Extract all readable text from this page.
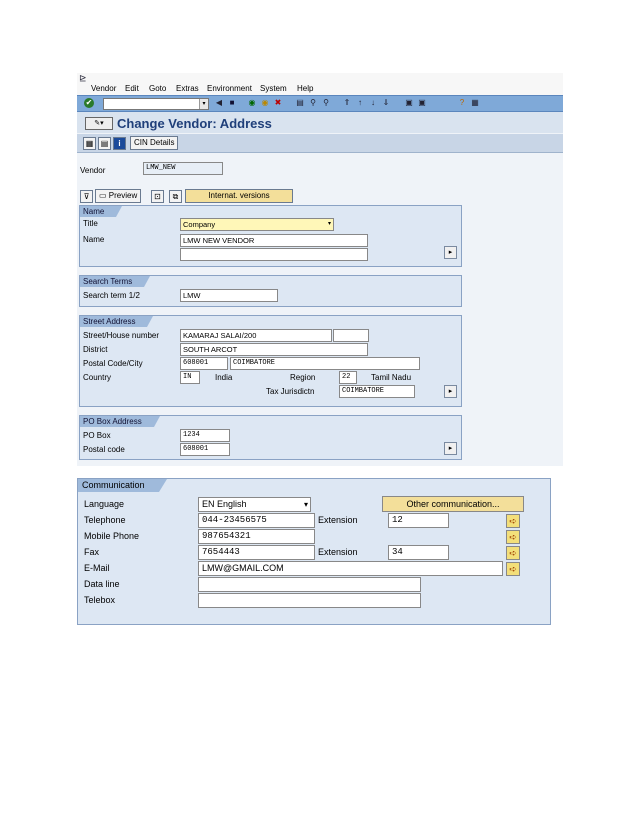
⊵
Vendor Edit Goto Extras Environment System Help
✔	▾	◀ ■	◉ ◉ ✖ ▤ ⚲ ⚲ ⇑ ↑	↓ ⇓ ▣ ▣	? ▦
✎▾	Change Vendor: Address
▦ ▤	i	CIN Details
Vendor	LMW_NEW
⊽	▭ Preview	⊡	⧉	Internat. versions
Name
Title	Company	▾
Name	LMW NEW VENDOR
▸
Search Terms
Search term 1/2	LMW
Street Address
Street/House number	KAMARAJ SALAI/200
District	SOUTH ARCOT
Postal Code/City	608001	COIMBATORE
Country	IN	India	Region	22	Tamil Nadu
Tax Jurisdictn	COIMBATORE	▸
PO Box Address
PO Box	1234
Postal code	608001	▸
Communication
Language	EN English	▾	Other communication...
Telephone	044-23456575	Extension	12	➪
Mobile Phone	987654321	➪
Fax	7654443	Extension	34	➪
E-Mail	LMW@GMAIL.COM	➪
Data line
Telebox
